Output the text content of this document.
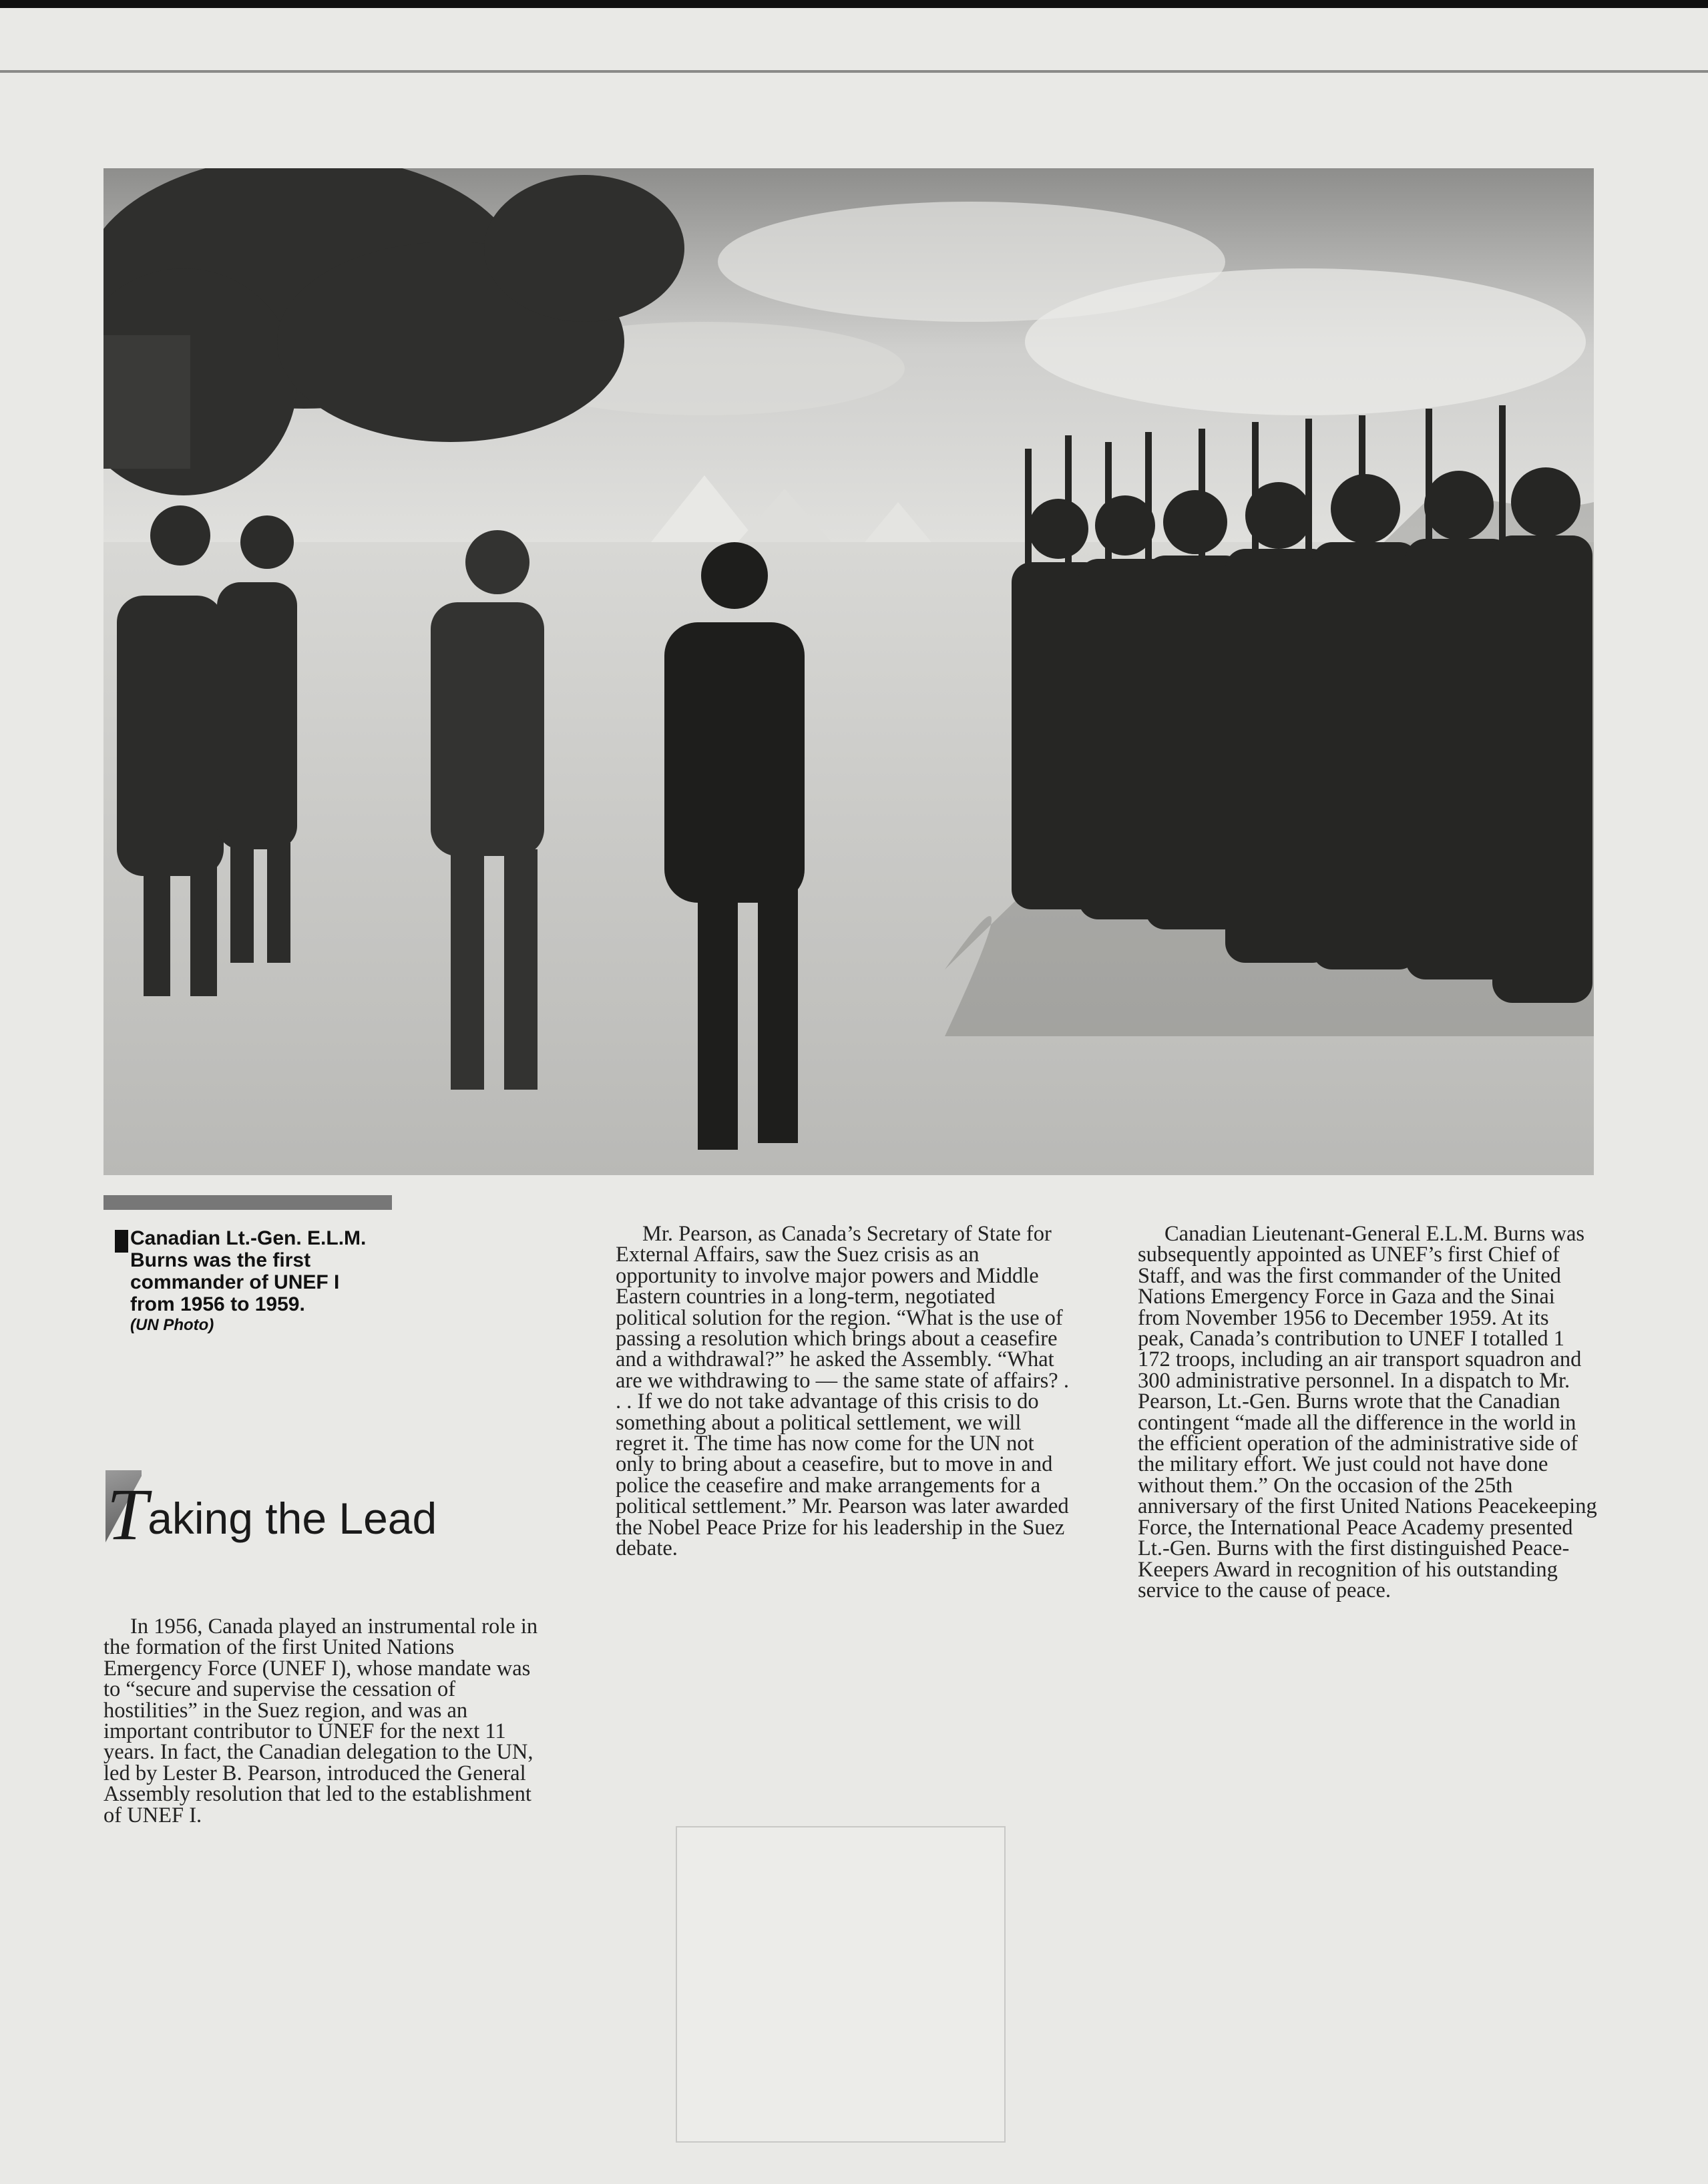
Canadian Lt.-Gen. E.L.M. Burns was the first commander of UNEF I from 1956 to 1959.
(UN Photo)
Taking the Lead

In 1956, Canada played an instrumental role in the formation of the first United Nations Emergency Force (UNEF I), whose mandate was to “secure and supervise the cessation of hostilities” in the Suez region, and was an important contributor to UNEF for the next 11 years. In fact, the Canadian delegation to the UN, led by Lester B. Pearson, introduced the General Assembly resolution that led to the establishment of UNEF I.

Mr. Pearson, as Canada’s Secretary of State for External Affairs, saw the Suez crisis as an opportunity to involve major powers and Middle Eastern countries in a long-term, negotiated political solution for the region. “What is the use of passing a resolution which brings about a ceasefire and a withdrawal?” he asked the Assembly. “What are we withdrawing to — the same state of affairs? . . . If we do not take advantage of this crisis to do something about a political settlement, we will regret it. The time has now come for the UN not only to bring about a ceasefire, but to move in and police the ceasefire and make arrangements for a political settlement.” Mr. Pearson was later awarded the Nobel Peace Prize for his leadership in the Suez debate.

Canadian Lieutenant-General E.L.M. Burns was subsequently appointed as UNEF’s first Chief of Staff, and was the first commander of the United Nations Emergency Force in Gaza and the Sinai from November 1956 to December 1959. At its peak, Canada’s contribution to UNEF I totalled 1 172 troops, including an air transport squadron and 300 administrative personnel. In a dispatch to Mr. Pearson, Lt.-Gen. Burns wrote that the Canadian contingent “made all the difference in the world in the efficient operation of the administrative side of the military effort. We just could not have done without them.” On the occasion of the 25th anniversary of the first United Nations Peacekeeping Force, the International Peace Academy presented Lt.-Gen. Burns with the first distinguished Peace-Keepers Award in recognition of his outstanding service to the cause of peace.
